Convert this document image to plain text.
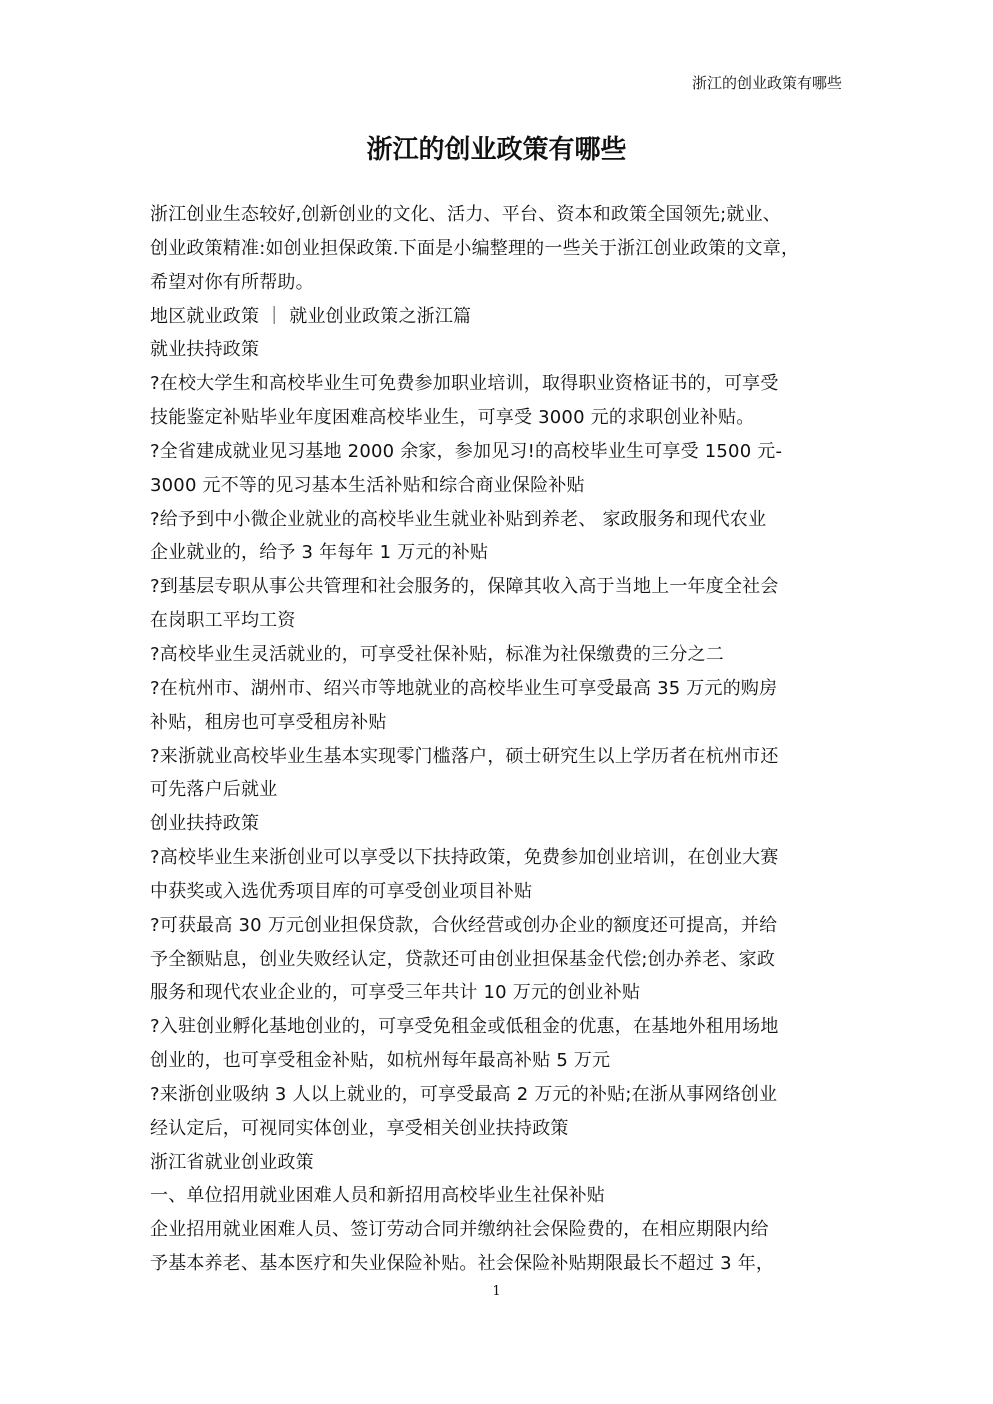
浙江的创业政策有哪些
浙江的创业政策有哪些
浙江创业生态较好,创新创业的文化、活力、平台、资本和政策全国领先;就业、
创业政策精准:如创业担保政策.下面是小编整理的一些关于浙江创业政策的文章，
希望对你有所帮助。
地区就业政策 ｜ 就业创业政策之浙江篇
就业扶持政策
?在校大学生和高校毕业生可免费参加职业培训，取得职业资格证书的，可享受
技能鉴定补贴毕业年度困难高校毕业生，可享受 3000 元的求职创业补贴。
?全省建成就业见习基地 2000 余家，参加见习!的高校毕业生可享受 1500 元-
3000 元不等的见习基本生活补贴和综合商业保险补贴
?给予到中小微企业就业的高校毕业生就业补贴到养老、 家政服务和现代农业
企业就业的，给予 3 年每年 1 万元的补贴
?到基层专职从事公共管理和社会服务的，保障其收入高于当地上一年度全社会
在岗职工平均工资
?高校毕业生灵活就业的，可享受社保补贴，标准为社保缴费的三分之二
?在杭州市、湖州市、绍兴市等地就业的高校毕业生可享受最高 35 万元的购房
补贴，租房也可享受租房补贴
?来浙就业高校毕业生基本实现零门槛落户，硕士研究生以上学历者在杭州市还
可先落户后就业
创业扶持政策
?高校毕业生来浙创业可以享受以下扶持政策，免费参加创业培训，在创业大赛
中获奖或入选优秀项目库的可享受创业项目补贴
?可获最高 30 万元创业担保贷款，合伙经营或创办企业的额度还可提高，并给
予全额贴息，创业失败经认定，贷款还可由创业担保基金代偿;创办养老、家政
服务和现代农业企业的，可享受三年共计 10 万元的创业补贴
?入驻创业孵化基地创业的，可享受免租金或低租金的优惠，在基地外租用场地
创业的，也可享受租金补贴，如杭州每年最高补贴 5 万元
?来浙创业吸纳 3 人以上就业的，可享受最高 2 万元的补贴;在浙从事网络创业
经认定后，可视同实体创业，享受相关创业扶持政策
浙江省就业创业政策
一、单位招用就业困难人员和新招用高校毕业生社保补贴
企业招用就业困难人员、签订劳动合同并缴纳社会保险费的，在相应期限内给
予基本养老、基本医疗和失业保险补贴。社会保险补贴期限最长不超过 3 年，
1
